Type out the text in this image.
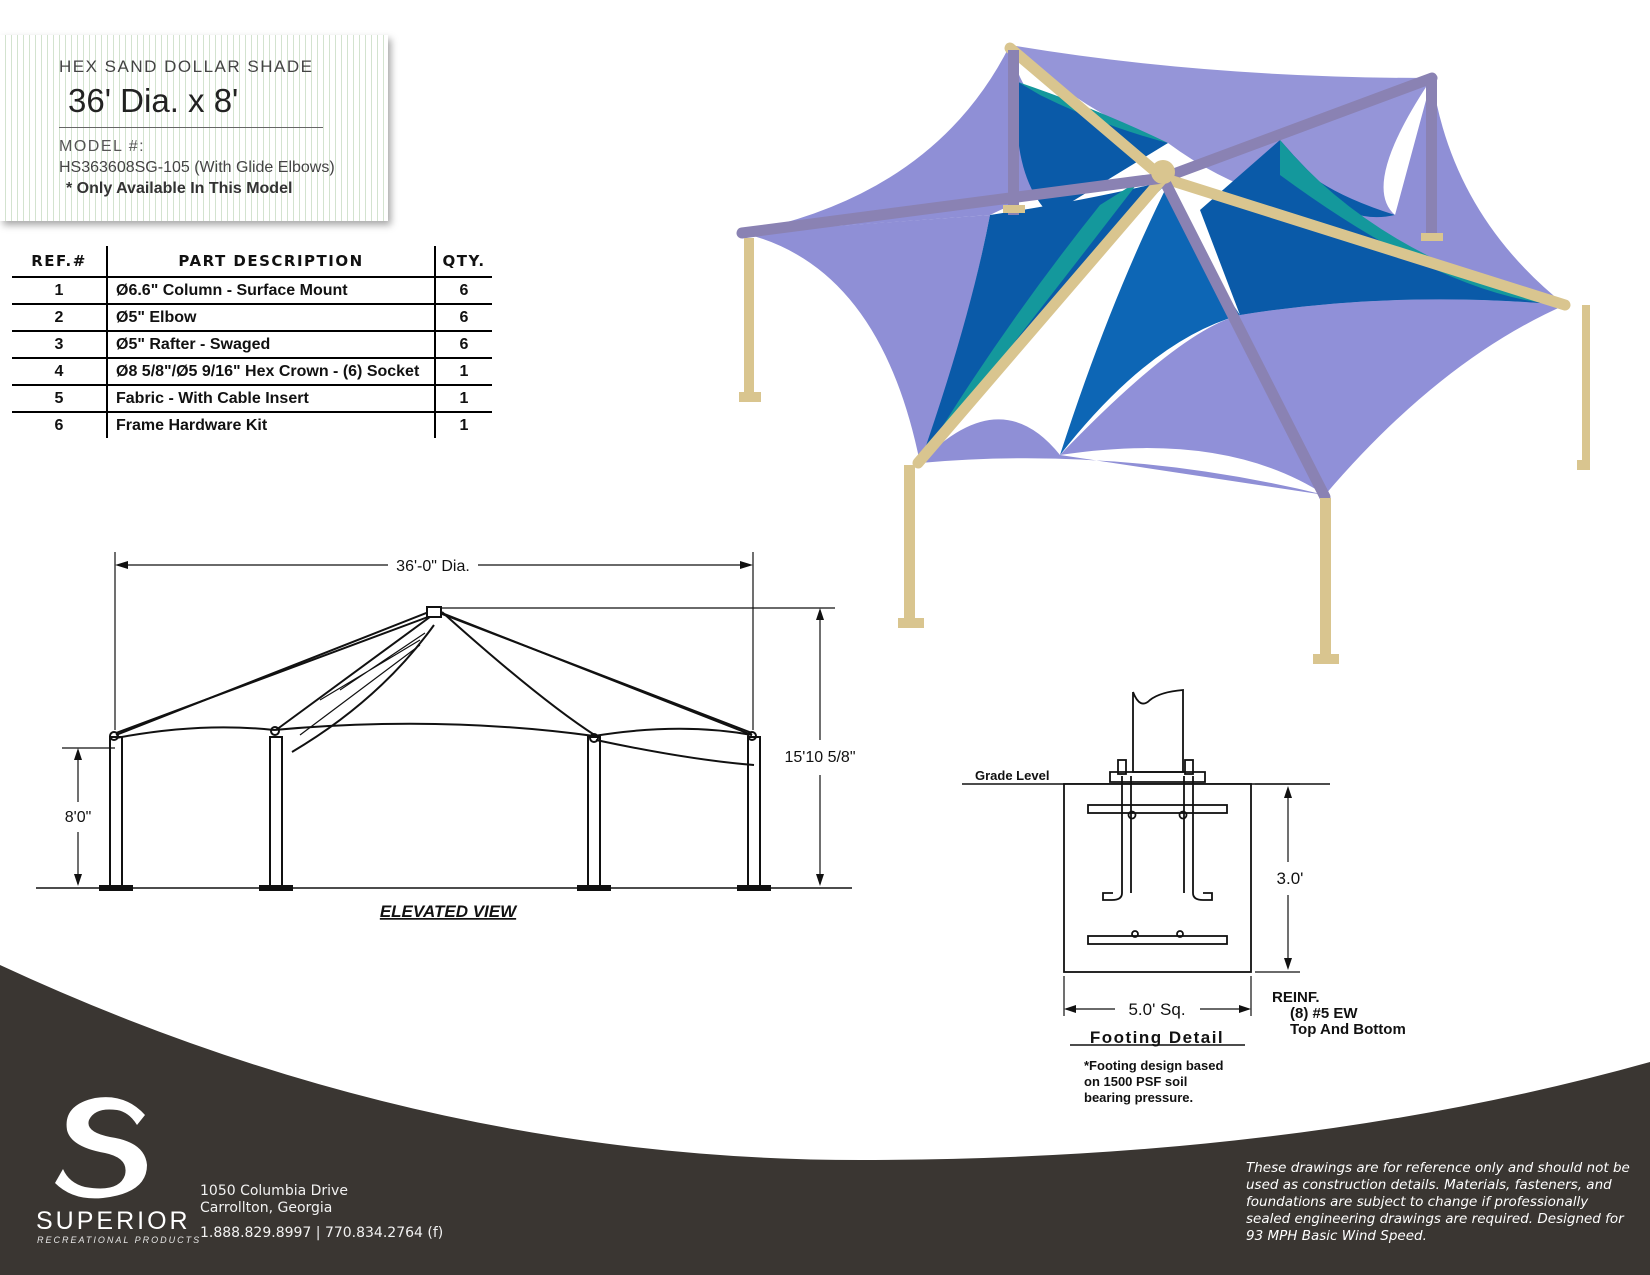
HEX SAND DOLLAR SHADE
36' Dia. x 8'
MODEL #:
HS363608SG-105 (With Glide Elbows)
* Only Available In This Model
REF.#	PART DESCRIPTION	QTY.
1	Ø6.6" Column - Surface Mount	6
2	Ø5" Elbow	6
3	Ø5" Rafter - Swaged	6
4	Ø8 5/8"/Ø5 9/16" Hex Crown - (6) Socket	1
5	Fabric - With Cable Insert	1
6	Frame Hardware Kit	1
36'-0" Dia.
15'10 5/8"
8'0"
ELEVATED VIEW
Grade Level
3.0'
5.0' Sq.
REINF.
(8) #5 EW
Top And Bottom
Footing Detail
*Footing design based
on 1500 PSF soil
bearing pressure.
SUPERIOR
RECREATIONAL PRODUCTS
1050 Columbia Drive
Carrollton, Georgia
1.888.829.8997 | 770.834.2764 (f)
These drawings are for reference only and should not be used as construction details. Materials, fasteners, and foundations are subject to change if professionally sealed engineering drawings are required. Designed for 93 MPH Basic Wind Speed.
